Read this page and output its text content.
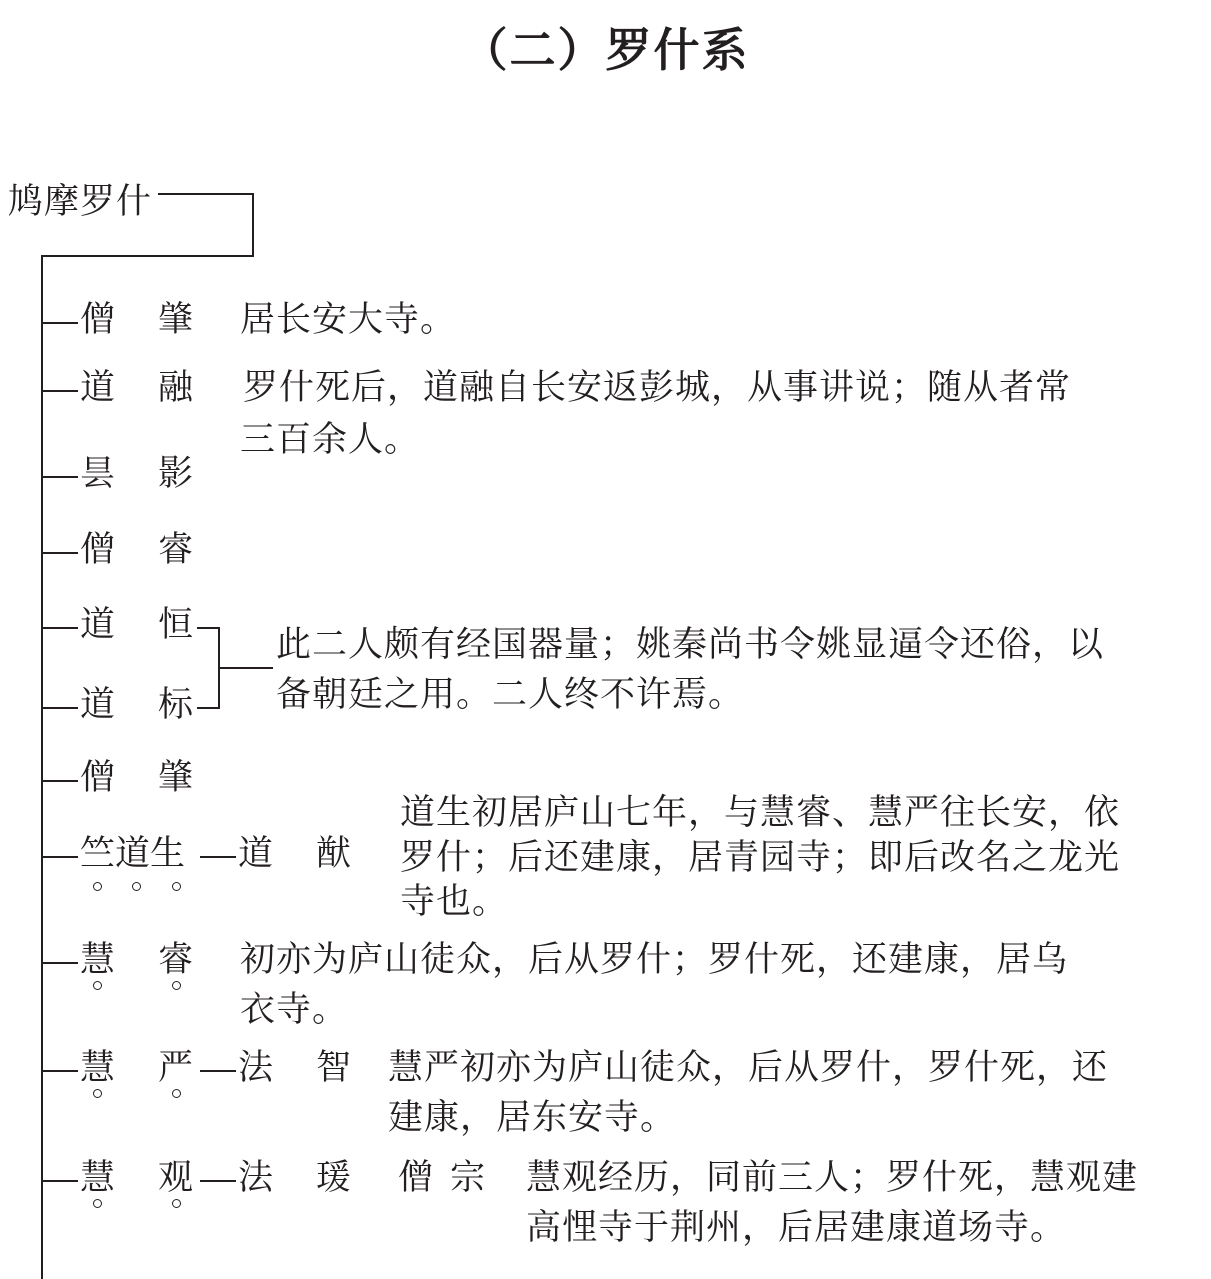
（二）罗什系
鸠摩罗什
僧 肇 居长安大寺。
道 融 罗什死后，道融自长安返彭城，从事讲说；随从者常
三百余人。
昙 影
僧 睿
道 恒
道 标
此二人颇有经国器量；姚秦尚书令姚显逼令还俗，以
备朝廷之用。二人终不许焉。
僧 肇
道生初居庐山七年，与慧睿、慧严往长安，依
竺道生 道 猷 罗什；后还建康，居青园寺；即后改名之龙光
寺也。
慧 睿 初亦为庐山徒众，后从罗什；罗什死，还建康，居乌
衣寺。
慧 严 法 智 慧严初亦为庐山徒众，后从罗什，罗什死，还
建康，居东安寺。
慧 观 法 瑗 僧 宗 慧观经历，同前三人；罗什死，慧观建
高悝寺于荆州，后居建康道场寺。
